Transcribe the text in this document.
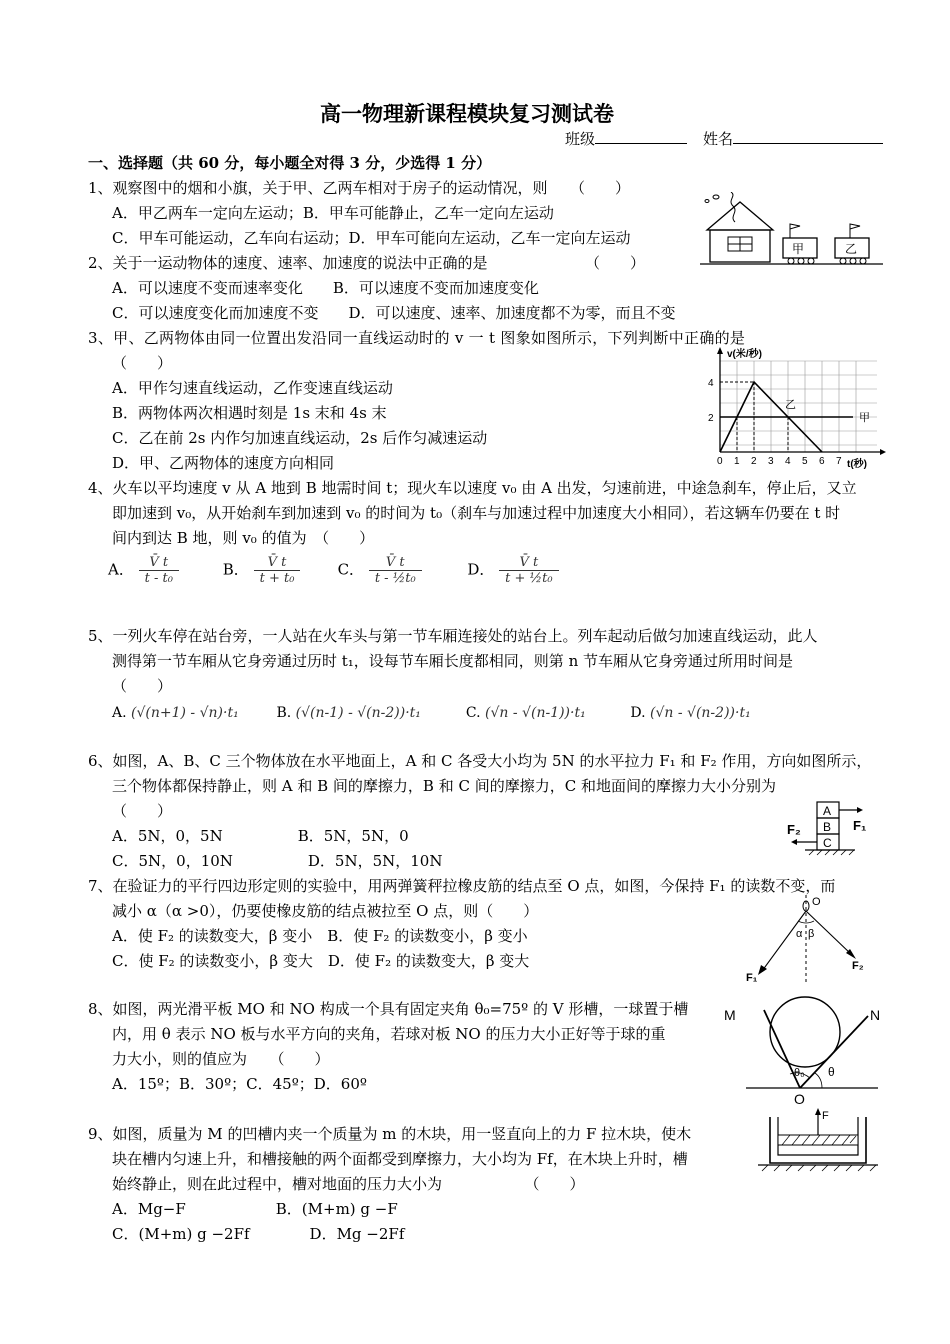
高一物理新课程模块复习测试卷
班级	姓名
一、选择题（共 60 分，每小题全对得 3 分，少选得 1 分）
1、观察图中的烟和小旗，关于甲、乙两车相对于房子的运动情况，则　　（　　）
A．甲乙两车一定向左运动；B．甲车可能静止，乙车一定向左运动
C．甲车可能运动，乙车向右运动；D．甲车可能向左运动，乙车一定向左运动
甲	乙
2、关于一运动物体的速度、速率、加速度的说法中正确的是　　　　　　　（　　）
A．可以速度不变而速率变化　　B．可以速度不变而加速度变化
C．可以速度变化而加速度不变　　D．可以速度、速率、加速度都不为零，而且不变
3、甲、乙两物体由同一位置出发沿同一直线运动时的 v 一 t 图象如图所示，下列判断中正确的是
（　　）
A．甲作匀速直线运动，乙作变速直线运动
B．两物体两次相遇时刻是 1s 末和 4s 末
C．乙在前 2s 内作匀加速直线运动，2s 后作匀减速运动
D．甲、乙两物体的速度方向相同
v(米/秒)
t(秒)
4
2
0 1 2 3 4 5 6 7
甲
乙
4、火车以平均速度 v 从 A 地到 B 地需时间 t；现火车以速度 v₀ 由 A 出发，匀速前进，中途急刹车，停止后，又立
即加速到 v₀，从开始刹车到加速到 v₀ 的时间为 t₀（刹车与加速过程中加速度大小相同），若这辆车仍要在 t 时
间内到达 B 地，则 v₀ 的值为　（　　）
A． $\frac{V̄ t}{\text{t - t₀}}$	B． $\frac{V̄ t}{\text{t + t₀}}$ C． $\frac{V̄ t}{\text{t - ½t₀}}$	D． $\frac{V̄ t}{\text{t + ½t₀}}$
5、一列火车停在站台旁，一人站在火车头与第一节车厢连接处的站台上。列车起动后做匀加速直线运动，此人
测得第一节车厢从它身旁通过历时 t₁，设每节车厢长度都相同，则第 n 节车厢从它身旁通过所用时间是
（　　）
A. (√(n+1) - √n)·t₁	B. (√(n-1) - √(n-2))·t₁	C. (√n - √(n-1))·t₁	D. (√n - √(n-2))·t₁
6、如图，A、B、C 三个物体放在水平地面上，A 和 C 各受大小均为 5N 的水平拉力 F₁ 和 F₂ 作用，方向如图所示，
三个物体都保持静止，则 A 和 B 间的摩擦力，B 和 C 间的摩擦力，C 和地面间的摩擦力大小分别为
（　　）
A．5N，0，5N　　　　　B．5N，5N，0
C．5N，0，10N　　　　　D．5N，5N，10N
A
B
C
F₁
F₂
7、在验证力的平行四边形定则的实验中，用两弹簧秤拉橡皮筋的结点至 O 点，如图，今保持 F₁ 的读数不变，而
减小 α（α >0），仍要使橡皮筋的结点被拉至 O 点，则（　　）
A．使 F₂ 的读数变大，β 变小　B．使 F₂ 的读数变小，β 变小
C．使 F₂ 的读数变小，β 变大　D．使 F₂ 的读数变大，β 变大
O
α β
F₁
F₂
8、如图，两光滑平板 MO 和 NO 构成一个具有固定夹角 θ₀=75º 的 V 形槽，一球置于槽
内，用 θ 表示 NO 板与水平方向的夹角，若球对板 NO 的压力大小正好等于球的重
力大小，则的值应为　　（　　）
A．15º；B．30º；C．45º；D．60º
M	N
O
θ₀ θ
9、如图，质量为 M 的凹槽内夹一个质量为 m 的木块，用一竖直向上的力 F 拉木块，使木
块在槽内匀速上升，和槽接触的两个面都受到摩擦力，大小均为 Ff，在木块上升时，槽
始终静止，则在此过程中，槽对地面的压力大小为　　　　　　（　　）
A．Mg−F　　　　　　B．(M+m) g −F
C．(M+m) g −2Ff　　　　D．Mg −2Ff
F
